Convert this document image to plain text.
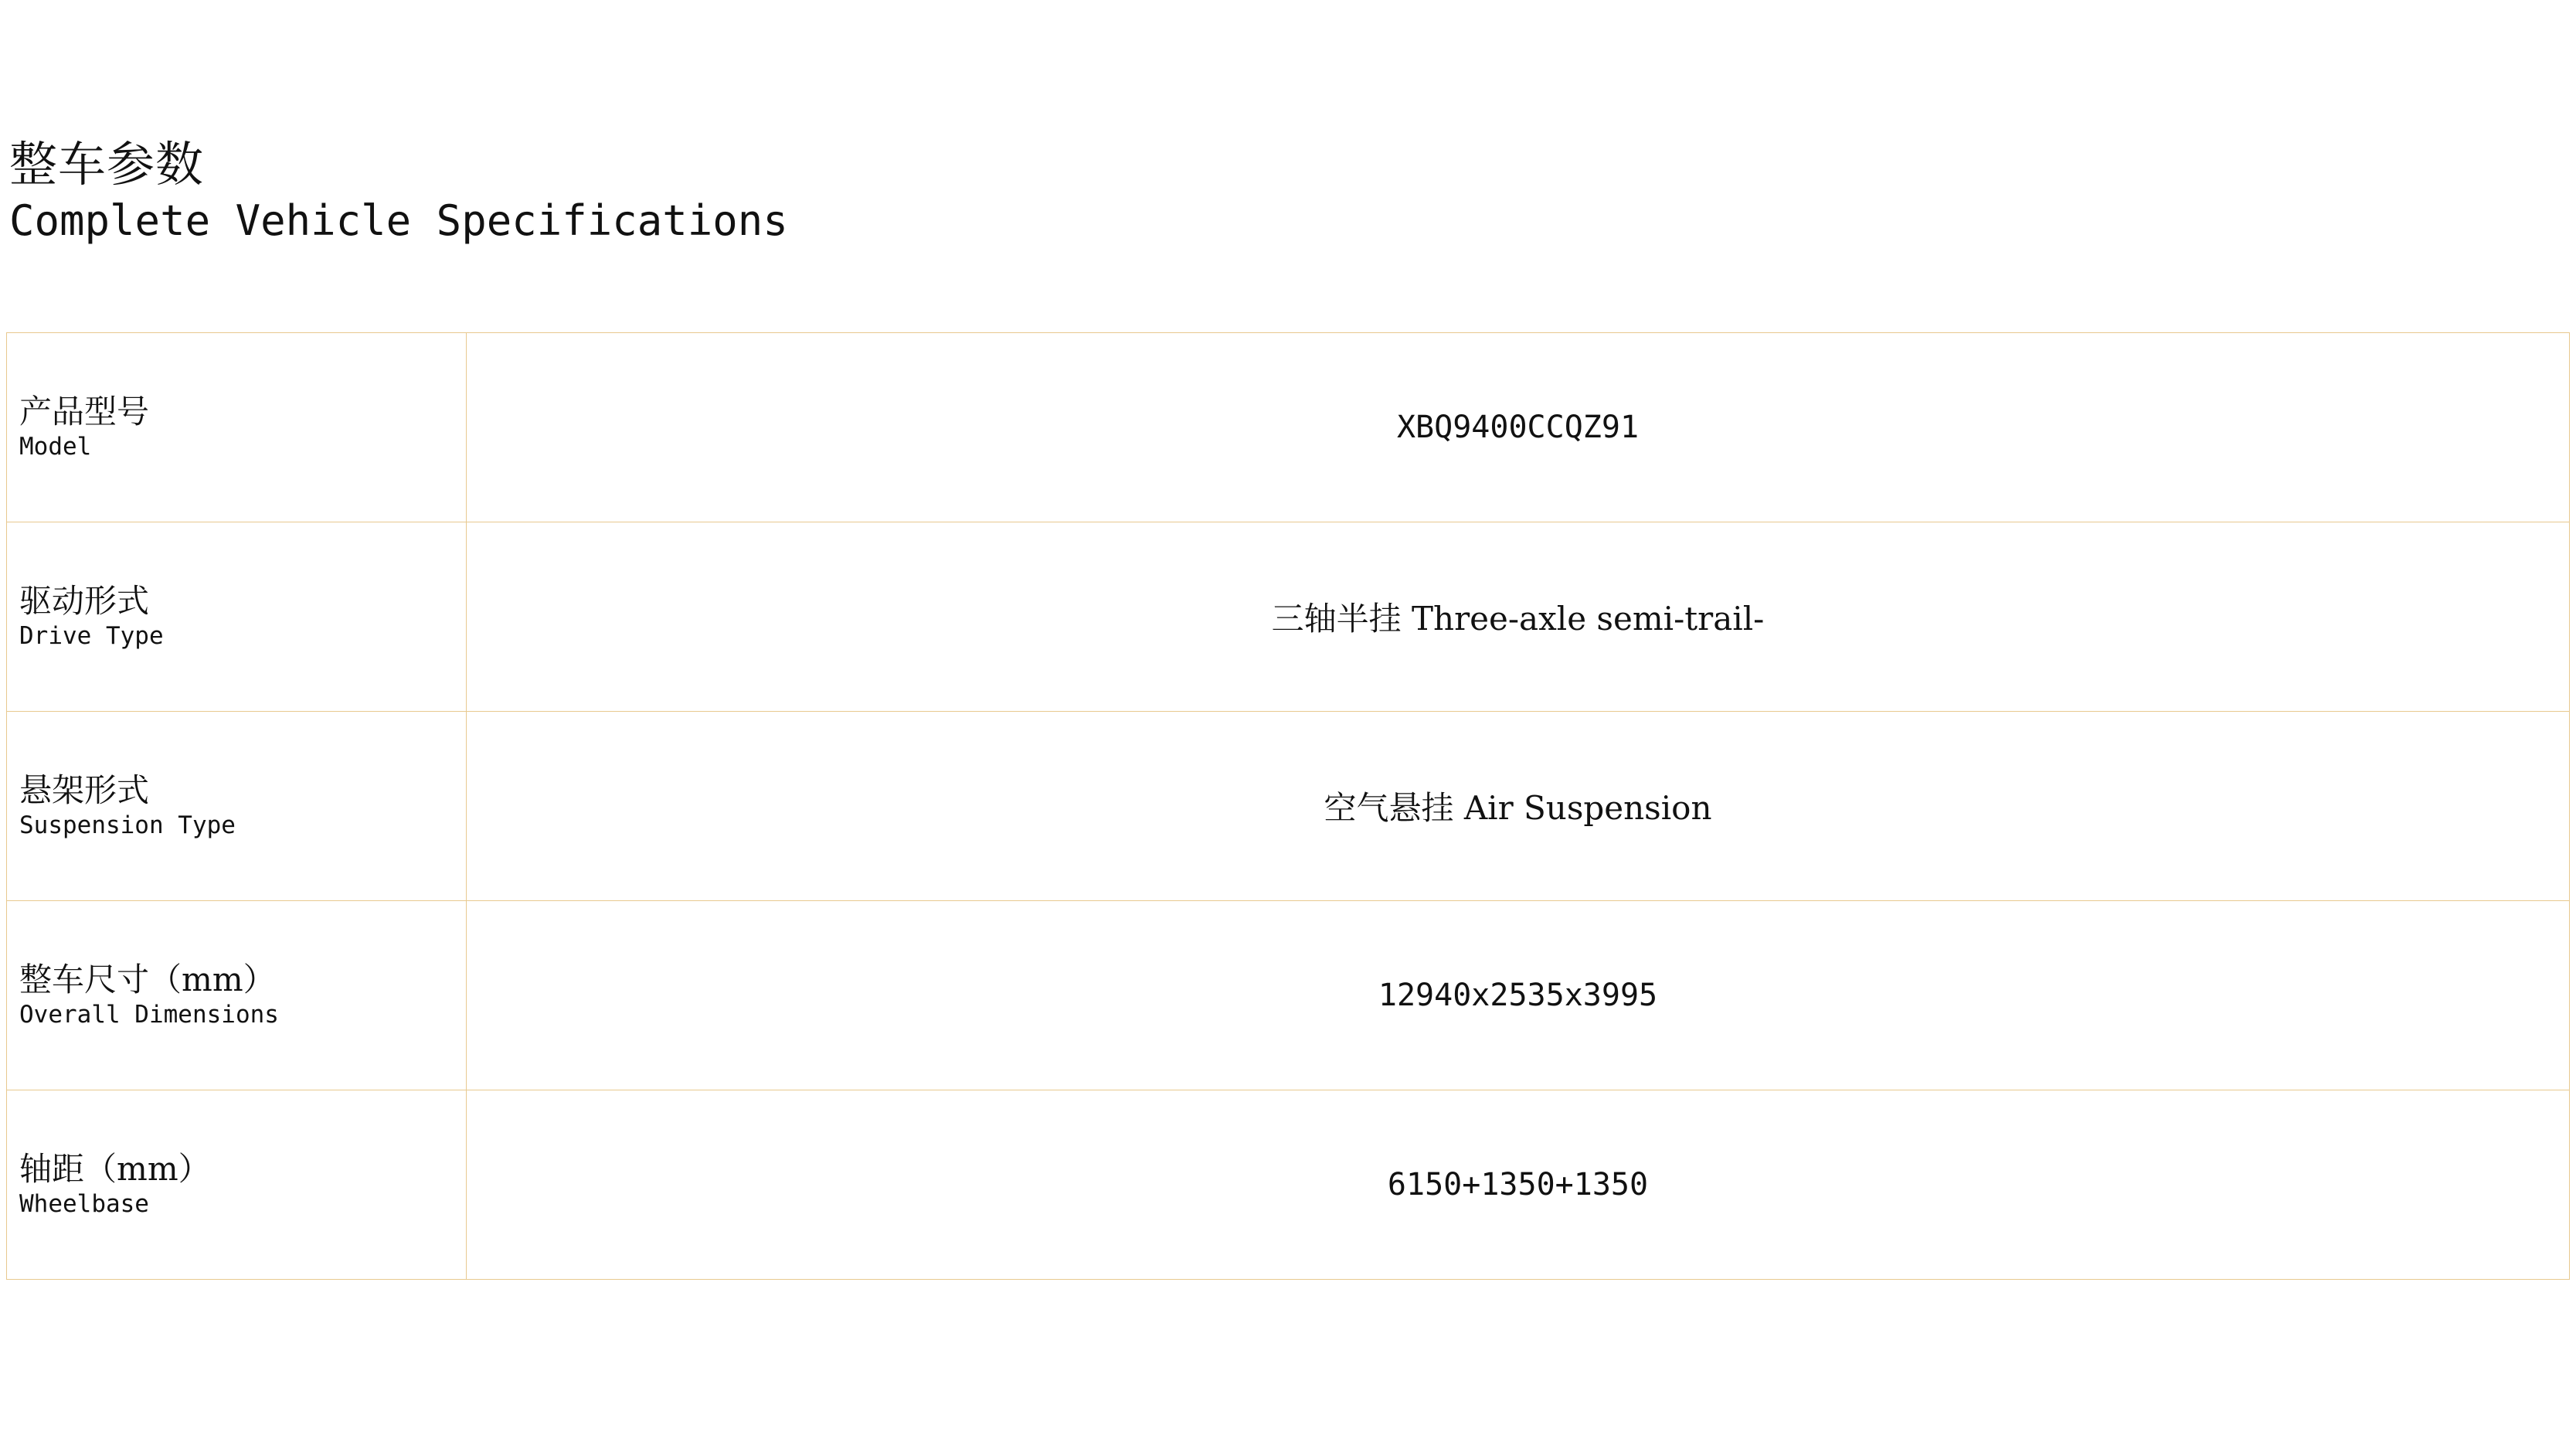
整车参数
Complete Vehicle Specifications
产品型号
Model	XBQ9400CCQZ91

驱动形式
Drive Type	三轴半挂 Three-axle semi-trail-

悬架形式
Suspension Type	空气悬挂 Air Suspension

整车尺寸（mm）
Overall Dimensions	12940x2535x3995

轴距（mm）
Wheelbase	6150+1350+1350
